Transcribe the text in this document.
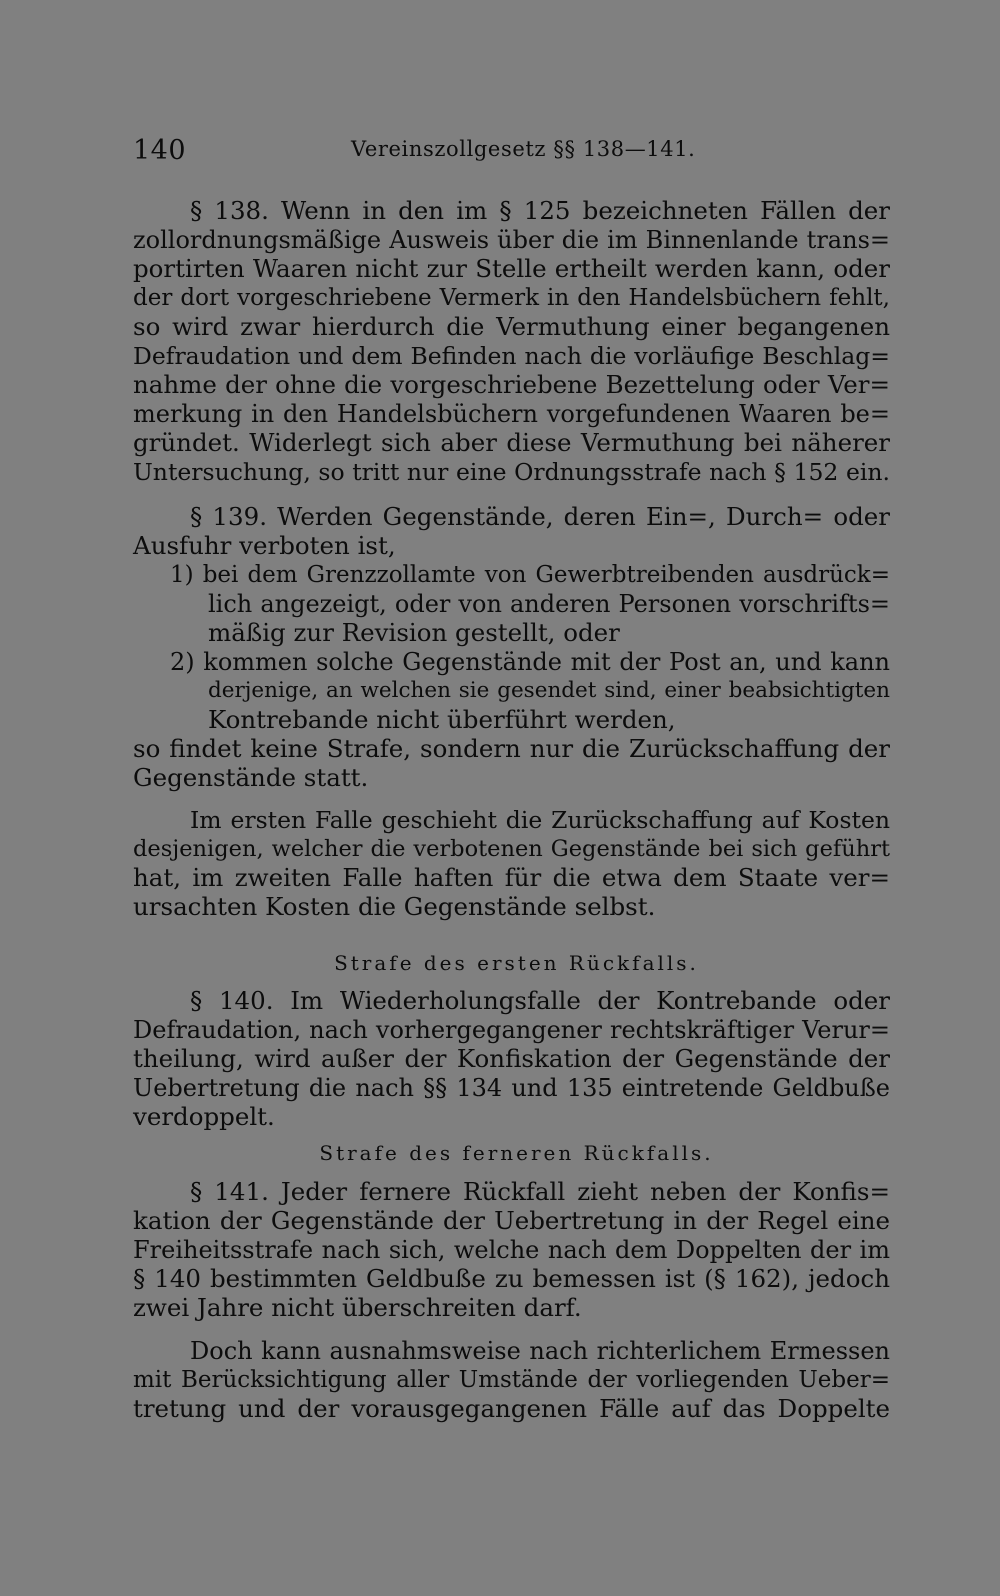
140	Vereinszollgesetz §§ 138—141.
§ 138. Wenn in den im § 125 bezeichneten Fällen der
zollordnungsmäßige Ausweis über die im Binnenlande trans=
portirten Waaren nicht zur Stelle ertheilt werden kann, oder
der dort vorgeschriebene Vermerk in den Handelsbüchern fehlt,
so wird zwar hierdurch die Vermuthung einer begangenen
Defraudation und dem Befinden nach die vorläufige Beschlag=
nahme der ohne die vorgeschriebene Bezettelung oder Ver=
merkung in den Handelsbüchern vorgefundenen Waaren be=
gründet. Widerlegt sich aber diese Vermuthung bei näherer
Untersuchung, so tritt nur eine Ordnungsstrafe nach § 152 ein.
§ 139. Werden Gegenstände, deren Ein=, Durch= oder
Ausfuhr verboten ist,
1) bei dem Grenzzollamte von Gewerbtreibenden ausdrück=
lich angezeigt, oder von anderen Personen vorschrifts=
mäßig zur Revision gestellt, oder
2) kommen solche Gegenstände mit der Post an, und kann
derjenige, an welchen sie gesendet sind, einer beabsichtigten
Kontrebande nicht überführt werden,
so findet keine Strafe, sondern nur die Zurückschaffung der
Gegenstände statt.
Im ersten Falle geschieht die Zurückschaffung auf Kosten
desjenigen, welcher die verbotenen Gegenstände bei sich geführt
hat, im zweiten Falle haften für die etwa dem Staate ver=
ursachten Kosten die Gegenstände selbst.
Strafe des ersten Rückfalls.
§ 140. Im Wiederholungsfalle der Kontrebande oder
Defraudation, nach vorhergegangener rechtskräftiger Verur=
theilung, wird außer der Konfiskation der Gegenstände der
Uebertretung die nach §§ 134 und 135 eintretende Geldbuße
verdoppelt.
Strafe des ferneren Rückfalls.
§ 141. Jeder fernere Rückfall zieht neben der Konfis=
kation der Gegenstände der Uebertretung in der Regel eine
Freiheitsstrafe nach sich, welche nach dem Doppelten der im
§ 140 bestimmten Geldbuße zu bemessen ist (§ 162), jedoch
zwei Jahre nicht überschreiten darf.
Doch kann ausnahmsweise nach richterlichem Ermessen
mit Berücksichtigung aller Umstände der vorliegenden Ueber=
tretung und der vorausgegangenen Fälle auf das Doppelte
